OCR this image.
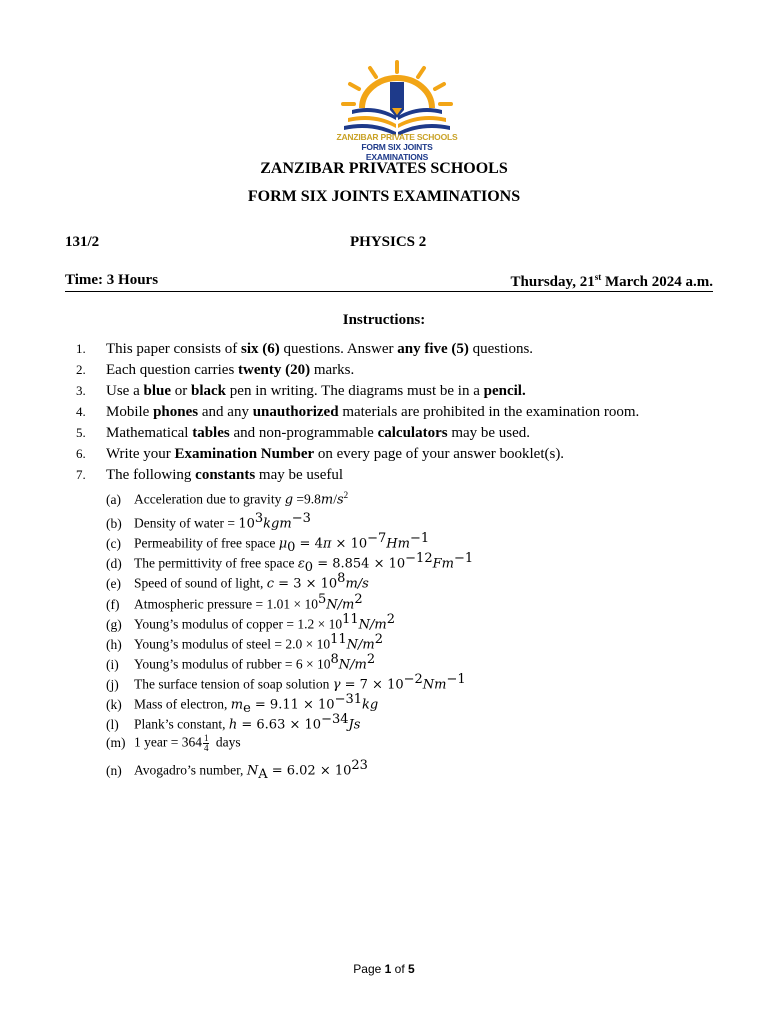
ZANZIBAR PRIVATE SCHOOLS
FORM SIX JOINTS EXAMINATIONS
ZANZIBAR PRIVATES SCHOOLS
FORM SIX JOINTS EXAMINATIONS
131/2	PHYSICS 2
Time: 3 Hours	Thursday, 21st March 2024 a.m.
Instructions:
1. This paper consists of six (6) questions. Answer any five (5) questions.
2. Each question carries twenty (20) marks.
3. Use a blue or black pen in writing. The diagrams must be in a pencil.
4. Mobile phones and any unauthorized materials are prohibited in the examination room.
5. Mathematical tables and non-programmable calculators may be used.
6. Write your Examination Number on every page of your answer booklet(s).
7. The following constants may be useful
(a) Acceleration due to gravity $g =9.8m/s^2$
(b) Density of water = $10^3kgm^{-3}$
(c) Permeability of free space $\mu_0 = 4\pi \times 10^{-7}Hm^{-1}$
(d) The permittivity of free space $\varepsilon_0 = 8.854 \times 10^{-12}Fm^{-1}$
(e) Speed of sound of light, $c = 3 \times 10^8m/s$
(f) Atmospheric pressure = $1.01 \times 10^5N/m^2$
(g) Young’s modulus of copper = $1.2 \times 10^{11}N/m^2$
(h) Young’s modulus of steel = $2.0 \times 10^{11}N/m^2$
(i) Young’s modulus of rubber = $6 \times 10^8N/m^2$
(j) The surface tension of soap solution $\gamma = 7 \times 10^{-2}Nm^{-1}$
(k) Mass of electron, $m_e = 9.11 \times 10^{-31}kg$
(l) Plank’s constant, $h = 6.63 \times 10^{-34}Js$
(m) 1 year = $364 \frac{1}{4}$ days
(n) Avogadro’s number, $N_A = 6.02 \times 10^{23}$
Page 1 of 5
